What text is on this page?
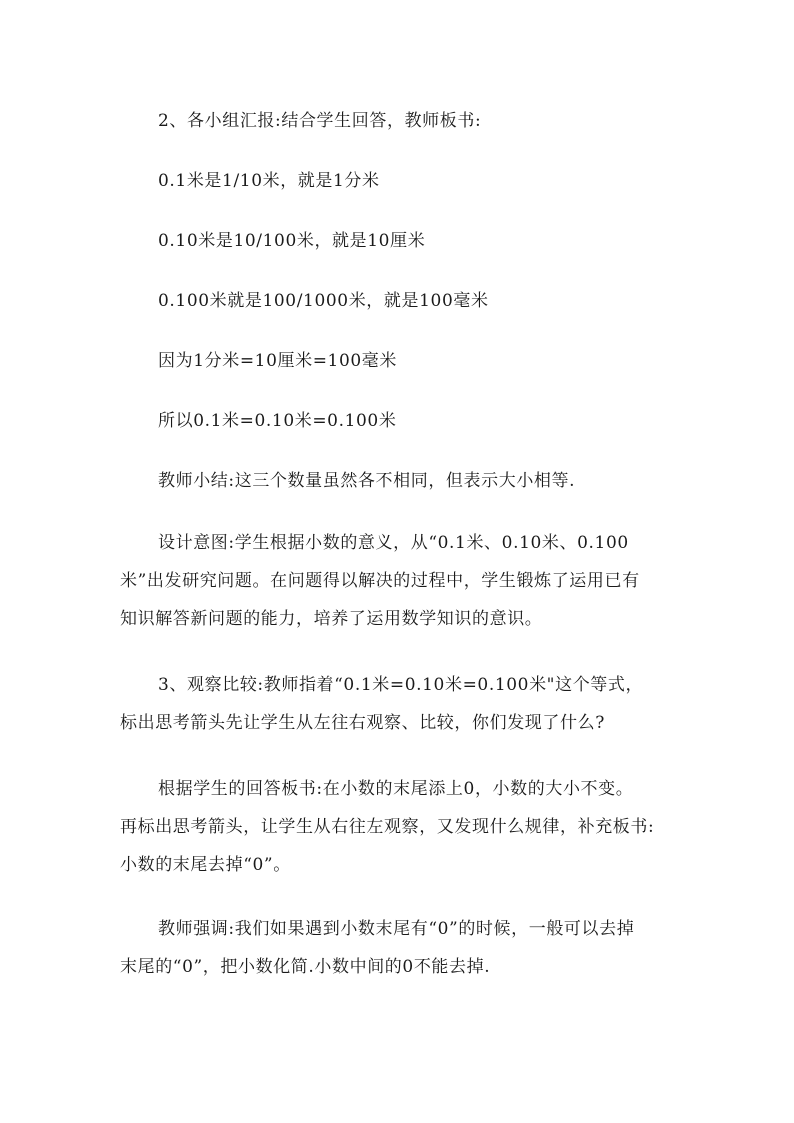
2、各小组汇报:结合学生回答，教师板书:

0.1米是1/10米，就是1分米

0.10米是10/100米，就是10厘米

0.100米就是100/1000米，就是100毫米

因为1分米=10厘米=100毫米

所以0.1米=0.10米=0.100米

教师小结:这三个数量虽然各不相同，但表示大小相等.

设计意图:学生根据小数的意义，从“0.1米、0.10米、0.100
米”出发研究问题。在问题得以解决的过程中，学生锻炼了运用已有
知识解答新问题的能力，培养了运用数学知识的意识。
3、观察比较:教师指着“0.1米=0.10米=0.100米"这个等式，
标出思考箭头先让学生从左往右观察、比较，你们发现了什么?
根据学生的回答板书:在小数的末尾添上0，小数的大小不变。
再标出思考箭头，让学生从右往左观察，又发现什么规律，补充板书:
小数的末尾去掉“0”。
教师强调:我们如果遇到小数末尾有“0”的时候，一般可以去掉
末尾的“0”，把小数化简.小数中间的0不能去掉.
